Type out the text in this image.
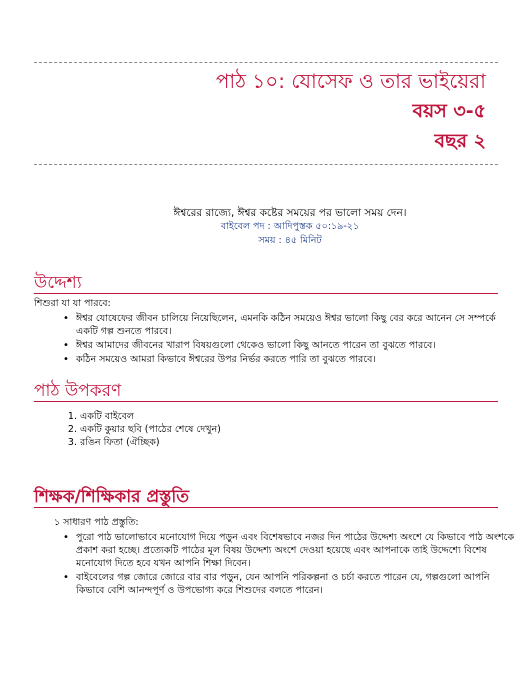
পাঠ ১০: যোসেফ ও তার ভাইয়েরা
বয়স ৩-৫
বছর ২
ঈশ্বরের রাজ্যে, ঈশ্বর কষ্টের সময়ের পর ভালো সময় দেন।
বাইবেল পদ : আদিপুস্তক ৫০:১৯-২১
সময় : ৪৫ মিনিট
উদ্দেশ্য
শিশুরা যা যা পারবে:
• ঈশ্বর যোষেফের জীবন চালিয়ে নিয়েছিলেন, এমনকি কঠিন সময়েও ঈশ্বর ভালো কিছু বের করে আনেন সে সম্পর্কে একটি গল্প শুনতে পারবে।
• ঈশ্বর আমাদের জীবনের খারাপ বিষয়গুলো থেকেও ভালো কিছু আনতে পারেন তা বুঝতে পারবে।
• কঠিন সময়েও আমরা কিভাবে ঈশ্বরের উপর নির্ভর করতে পারি তা বুঝতে পারবে।
পাঠ উপকরণ
1. একটি বাইবেল
2. একটি কুয়ার ছবি (পাঠের শেষে দেখুন)
3. রঙিন ফিতা (ঐচ্ছিক)
শিক্ষক/শিক্ষিকার প্রস্তুতি
১ সাধারণ পাঠ প্রস্তুতি:
• পুরো পাঠ ভালোভাবে মনোযোগ দিয়ে পড়ুন এবং বিশেষভাবে নজর দিন পাঠের উদ্দেশ্য অংশে যে কিভাবে পাঠ অংশকে প্রকাশ করা হচ্ছে। প্রত্যেকটি পাঠের মূল বিষয় উদ্দেশ্য অংশে দেওয়া হয়েছে এবং আপনাকে তাই উদ্দেশ্যে বিশেষ মনোযোগ দিতে হবে যখন আপনি শিক্ষা দিবেন।
• বাইবেলের গল্প জোরে জোরে বার বার পড়ুন, যেন আপনি পরিকল্পনা ও চর্চা করতে পারেন যে, গল্পগুলো আপনি কিভাবে বেশি আনন্দপূর্ণ ও উপভোগ্য করে শিশুদের বলতে পারেন।
